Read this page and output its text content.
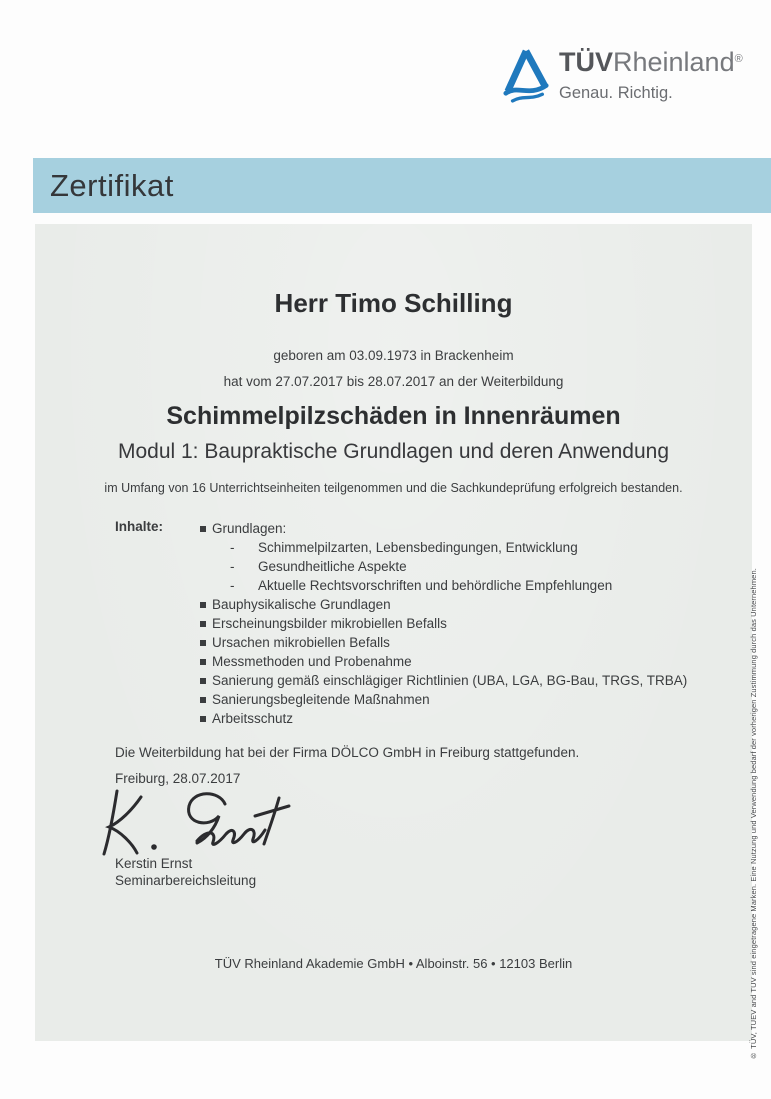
TÜVRheinland®
Genau. Richtig.
Zertifikat
Herr Timo Schilling
geboren am 03.09.1973 in Brackenheim
hat vom 27.07.2017 bis 28.07.2017 an der Weiterbildung
Schimmelpilzschäden in Innenräumen
Modul 1: Baupraktische Grundlagen und deren Anwendung
im Umfang von 16 Unterrichtseinheiten teilgenommen und die Sachkundeprüfung erfolgreich bestanden.
Inhalte:	Grundlagen:
-	Schimmelpilzarten, Lebensbedingungen, Entwicklung
-	Gesundheitliche Aspekte
-	Aktuelle Rechtsvorschriften und behördliche Empfehlungen
Bauphysikalische Grundlagen
Erscheinungsbilder mikrobiellen Befalls
Ursachen mikrobiellen Befalls
Messmethoden und Probenahme
Sanierung gemäß einschlägiger Richtlinien (UBA, LGA, BG-Bau, TRGS, TRBA)
Sanierungsbegleitende Maßnahmen
Arbeitsschutz
Die Weiterbildung hat bei der Firma DÖLCO GmbH in Freiburg stattgefunden.
Freiburg, 28.07.2017
Kerstin Ernst
Seminarbereichsleitung
TÜV Rheinland Akademie GmbH • Alboinstr. 56 • 12103 Berlin	® TÜV, TUEV and TUV sind eingetragene Marken. Eine Nutzung und Verwendung bedarf der vorherigen Zustimmung durch das Unternehmen.
